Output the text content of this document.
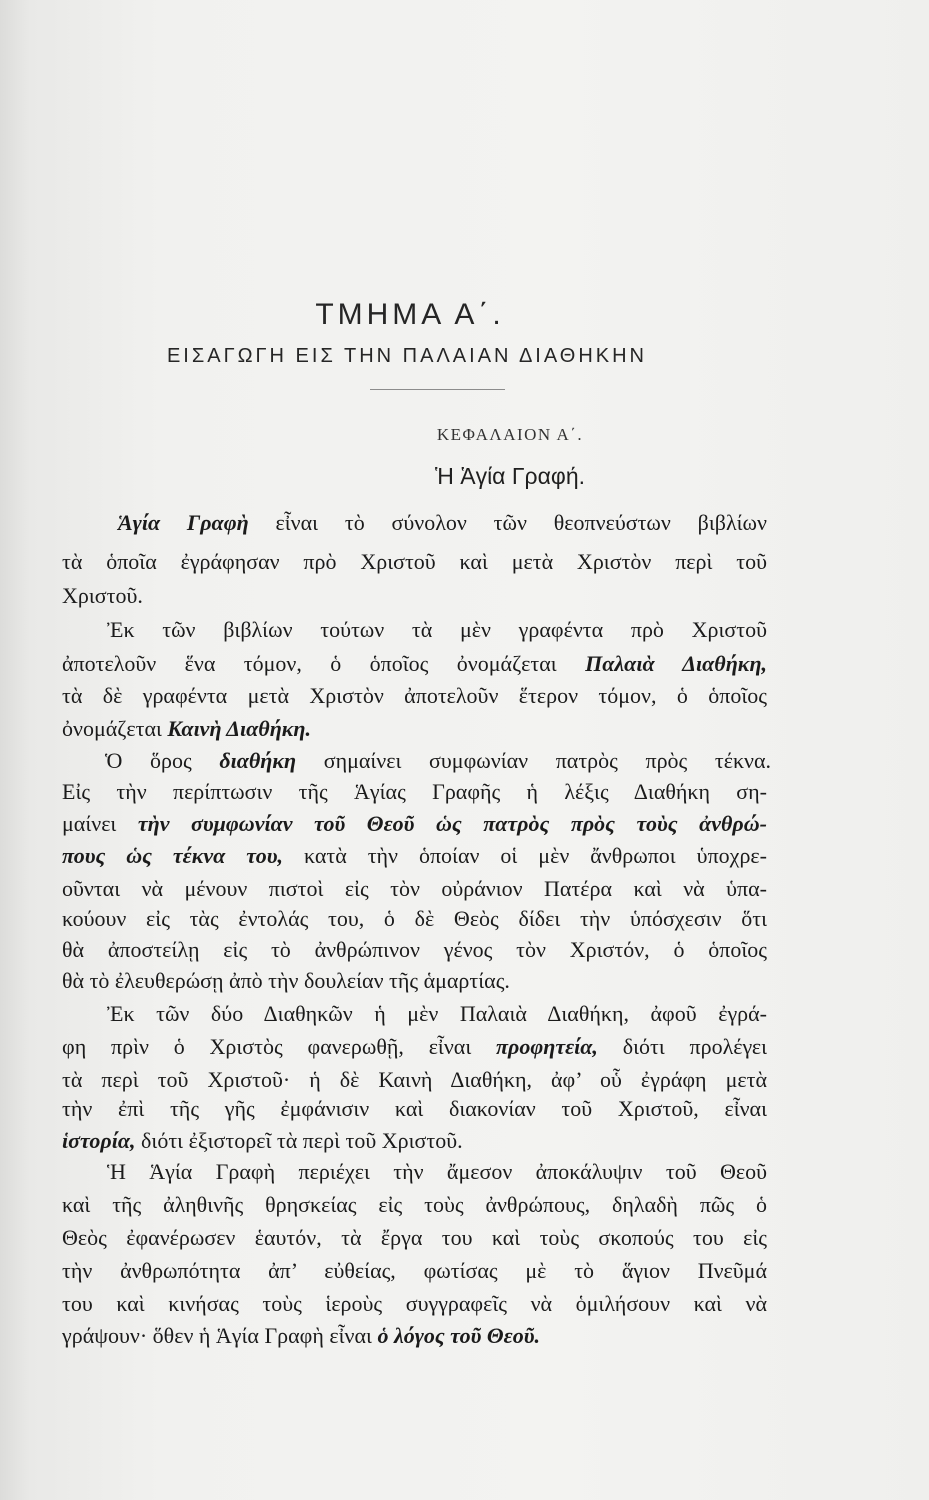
ΤΜΗΜΑ Α΄.
ΕΙΣΑΓΩΓΗ ΕΙΣ ΤΗΝ ΠΑΛΑΙΑΝ ΔΙΑΘΗΚΗΝ
ΚΕΦΑΛΑΙΟΝ Α΄.
Ἡ Ἁγία Γραφή.
Ἁγία Γραφὴ εἶναι τὸ σύνολον τῶν θεοπνεύστων βιβλίων
τὰ ὁποῖα ἐγράφησαν πρὸ Χριστοῦ καὶ μετὰ Χριστὸν περὶ τοῦ
Χριστοῦ.
Ἐκ τῶν βιβλίων τούτων τὰ μὲν γραφέντα πρὸ Χριστοῦ
ἀποτελοῦν ἕνα τόμον, ὁ ὁποῖος ὀνομάζεται Παλαιὰ Διαθήκη,
τὰ δὲ γραφέντα μετὰ Χριστὸν ἀποτελοῦν ἕτερον τόμον, ὁ ὁποῖος
ὀνομάζεται Καινὴ Διαθήκη.
Ὁ ὅρος διαθήκη σημαίνει συμφωνίαν πατρὸς πρὸς τέκνα.
Εἰς τὴν περίπτωσιν τῆς Ἁγίας Γραφῆς ἡ λέξις Διαθήκη ση-
μαίνει τὴν συμφωνίαν τοῦ Θεοῦ ὡς πατρὸς πρὸς τοὺς ἀνθρώ-
πους ὡς τέκνα του, κατὰ τὴν ὁποίαν οἱ μὲν ἄνθρωποι ὑποχρε-
οῦνται νὰ μένουν πιστοὶ εἰς τὸν οὐράνιον Πατέρα καὶ νὰ ὑπα-
κούουν εἰς τὰς ἐντολάς του, ὁ δὲ Θεὸς δίδει τὴν ὑπόσχεσιν ὅτι
θὰ ἀποστείλῃ εἰς τὸ ἀνθρώπινον γένος τὸν Χριστόν, ὁ ὁποῖος
θὰ τὸ ἐλευθερώσῃ ἀπὸ τὴν δουλείαν τῆς ἁμαρτίας.
Ἐκ τῶν δύο Διαθηκῶν ἡ μὲν Παλαιὰ Διαθήκη, ἀφοῦ ἐγρά-
φη πρὶν ὁ Χριστὸς φανερωθῇ, εἶναι προφητεία, διότι προλέγει
τὰ περὶ τοῦ Χριστοῦ· ἡ δὲ Καινὴ Διαθήκη, ἀφ’ οὗ ἐγράφη μετὰ
τὴν ἐπὶ τῆς γῆς ἐμφάνισιν καὶ διακονίαν τοῦ Χριστοῦ, εἶναι
ἱστορία, διότι ἐξιστορεῖ τὰ περὶ τοῦ Χριστοῦ.
Ἡ Ἁγία Γραφὴ περιέχει τὴν ἄμεσον ἀποκάλυψιν τοῦ Θεοῦ
καὶ τῆς ἀληθινῆς θρησκείας εἰς τοὺς ἀνθρώπους, δηλαδὴ πῶς ὁ
Θεὸς ἐφανέρωσεν ἑαυτόν, τὰ ἔργα του καὶ τοὺς σκοπούς του εἰς
τὴν ἀνθρωπότητα ἀπ’ εὐθείας, φωτίσας μὲ τὸ ἅγιον Πνεῦμά
του καὶ κινήσας τοὺς ἱεροὺς συγγραφεῖς νὰ ὁμιλήσουν καὶ νὰ
γράψουν· ὅθεν ἡ Ἁγία Γραφὴ εἶναι ὁ λόγος τοῦ Θεοῦ.
